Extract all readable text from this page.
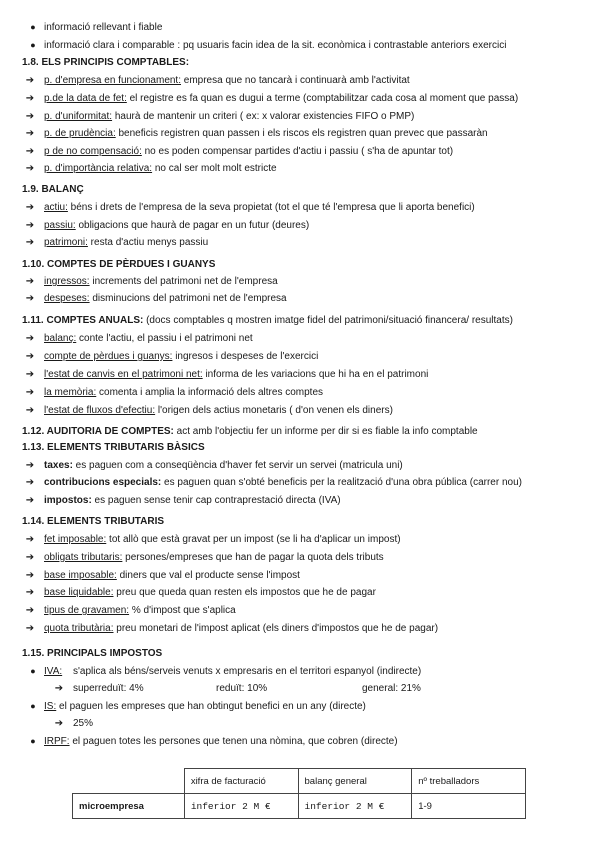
● informació rellevant i fiable
● informació clara i comparable : pq usuaris facin idea de la sit. econòmica i contrastable anteriors exercici
1.8. ELS PRINCIPIS COMPTABLES:
➔ p. d'empresa en funcionament: empresa que no tancarà i continuarà amb l'activitat
➔ p.de la data de fet: el registre es fa quan es dugui a terme (comptabilitzar cada cosa al moment que passa)
➔ p. d'uniformitat: haurà de mantenir un criteri ( ex: x valorar existencies FIFO o PMP)
➔ p. de prudència: beneficis registren quan passen i els riscos els registren quan prevec que passaràn
➔ p de no compensació: no es poden compensar partides d'actiu i passiu ( s'ha de apuntar tot)
➔ p. d'importància relativa: no cal ser molt molt estricte
1.9. BALANÇ
➔ actiu: béns i drets de l'empresa de la seva propietat (tot el que té l'empresa que li aporta benefici)
➔ passiu: obligacions que haurà de pagar en un futur (deures)
➔ patrimoni: resta d'actiu menys passiu
1.10. COMPTES DE PÈRDUES I GUANYS
➔ ingressos: increments del patrimoni net de l'empresa
➔ despeses: disminucions del patrimoni net de l'empresa
1.11. COMPTES ANUALS: (docs comptables q mostren imatge fidel del patrimoni/situació financera/ resultats)
➔ balanç: conte l'actiu, el passiu i el patrimoni net
➔ compte de pèrdues i guanys: ingresos i despeses de l'exercici
➔ l'estat de canvis en el patrimoni net: informa de les variacions que hi ha en el patrimoni
➔ la memòria: comenta i amplia la informació dels altres comptes
➔ l'estat de fluxos d'efectiu: l'origen dels actius monetaris ( d'on venen els diners)
1.12. AUDITORIA DE COMPTES: act amb l'objectiu fer un informe per dir si es fiable la info comptable
1.13. ELEMENTS TRIBUTARIS BÀSICS
➔ taxes: es paguen com a conseqüència d'haver fet servir un servei (matricula uni)
➔ contribucions especials: es paguen quan s'obté beneficis per la realització d'una obra pública (carrer nou)
➔ impostos: es paguen sense tenir cap contraprestació directa (IVA)
1.14. ELEMENTS TRIBUTARIS
➔ fet imposable: tot allò que està gravat per un impost (se li ha d'aplicar un impost)
➔ obligats tributaris: persones/empreses que han de pagar la quota dels tributs
➔ base imposable: diners que val el producte sense l'impost
➔ base liquidable: preu que queda quan resten els impostos que he de pagar
➔ tipus de gravamen: % d'impost que s'aplica
➔ quota tributària: preu monetari de l'impost aplicat (els diners d'impostos que he de pagar)
1.15. PRINCIPALS IMPOSTOS
● IVA: s'aplica als béns/serveis venuts x empresaris en el territori espanyol (indirecte)
➔ superreduït: 4%	reduït: 10%	general: 21%
● IS: el paguen les empreses que han obtingut benefici en un any (directe)
➔ 25%
● IRPF: el paguen totes les persones que tenen una nòmina, que cobren (directe)
	xifra de facturació	balanç general	nº treballadors
microempresa	inferior 2 M €	inferior 2 M €	1-9
